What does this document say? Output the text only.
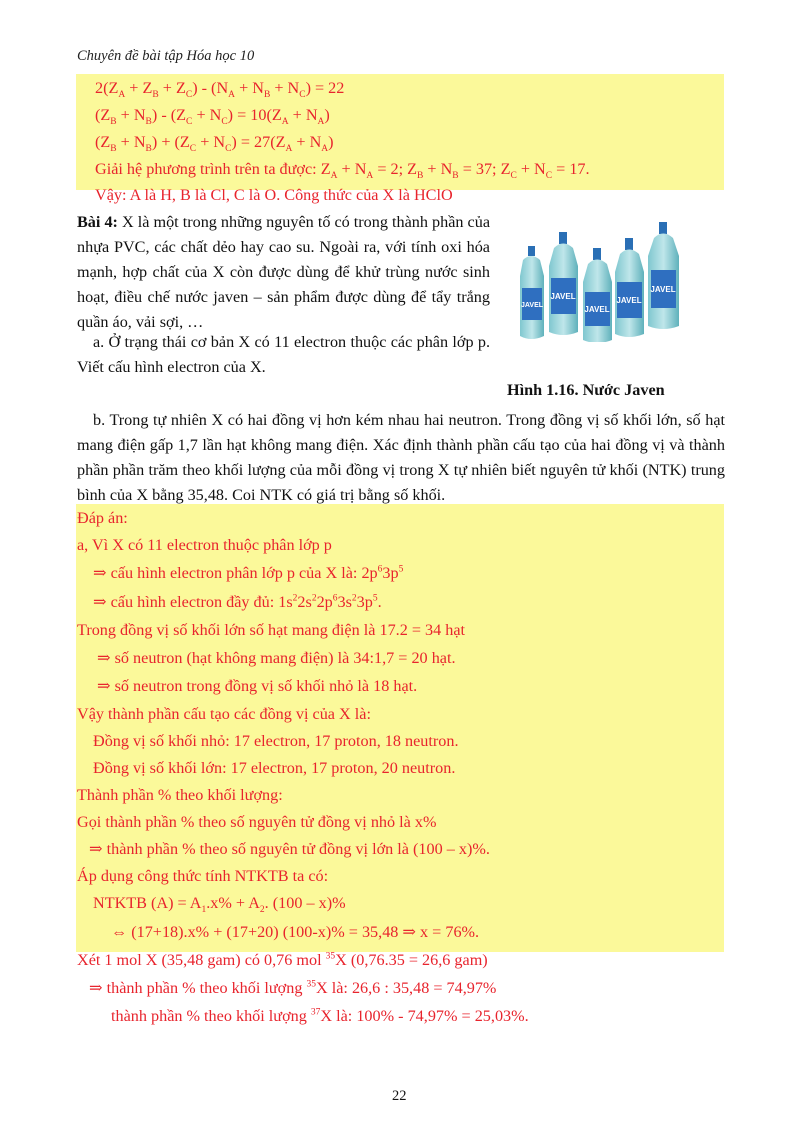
Chuyên đề bài tập Hóa học 10
$2(Z_A + Z_B + Z_C) - (N_A + N_B + N_C) = 22$
$(Z_B + N_B) - (Z_C + N_C) = 10(Z_A + N_A)$
$(Z_B + N_B) + (Z_C + N_C) = 27(Z_A + N_A)$
Giải hệ phương trình trên ta được: $Z_A + N_A = 2$; $Z_B + N_B = 37$; $Z_C + N_C = 17$.
Vậy: A là H, B là Cl, C là O. Công thức của X là HClO
Bài 4: X là một trong những nguyên tố có trong thành phần của nhựa PVC, các chất dẻo hay cao su. Ngoài ra, với tính oxi hóa mạnh, hợp chất của X còn được dùng để khử trùng nước sinh hoạt, điều chế nước javen – sản phẩm được dùng để tẩy trắng quần áo, vải sợi, …
a. Ở trạng thái cơ bản X có 11 electron thuộc các phân lớp p. Viết cấu hình electron của X.
JAVEL
JAVEL
JAVEL
JAVEL
JAVEL
Hình 1.16. Nước Javen
b. Trong tự nhiên X có hai đồng vị hơn kém nhau hai neutron. Trong đồng vị số khối lớn, số hạt mang điện gấp 1,7 lần hạt không mang điện. Xác định thành phần cấu tạo của hai đồng vị và thành phần phần trăm theo khối lượng của mỗi đồng vị trong X tự nhiên biết nguyên tử khối (NTK) trung bình của X bằng 35,48. Coi NTK có giá trị bằng số khối.
Đáp án:
a, Vì X có 11 electron thuộc phân lớp p
⇒ cấu hình electron phân lớp p của X là: $2p^63p^5$
⇒ cấu hình electron đầy đủ: $1s^22s^22p^63s^23p^5$.
Trong đồng vị số khối lớn số hạt mang điện là 17.2 = 34 hạt
⇒ số neutron (hạt không mang điện) là 34:1,7 = 20 hạt.
⇒ số neutron trong đồng vị số khối nhỏ là 18 hạt.
Vậy thành phần cấu tạo các đồng vị của X là:
Đồng vị số khối nhỏ: 17 electron, 17 proton, 18 neutron.
Đồng vị số khối lớn: 17 electron, 17 proton, 20 neutron.
Thành phần % theo khối lượng:
Gọi thành phần % theo số nguyên tử đồng vị nhỏ là x%
⇒ thành phần % theo số nguyên tử đồng vị lớn là (100 – x)%.
Áp dụng công thức tính NTKTB ta có:
NTKTB $(A) = A_1.x\% + A_2$. (100 – x)%
⇔ (17+18).x% + (17+20) (100-x)% = 35,48 ⇒ x = 76%.
Xét 1 mol X (35,48 gam) có 0,76 mol $^{35}$X (0,76.35 = 26,6 gam)
⇒ thành phần % theo khối lượng $^{35}$X là: 26,6 : 35,48 = 74,97%
thành phần % theo khối lượng $^{37}$X là: 100% - 74,97% = 25,03%.
22
